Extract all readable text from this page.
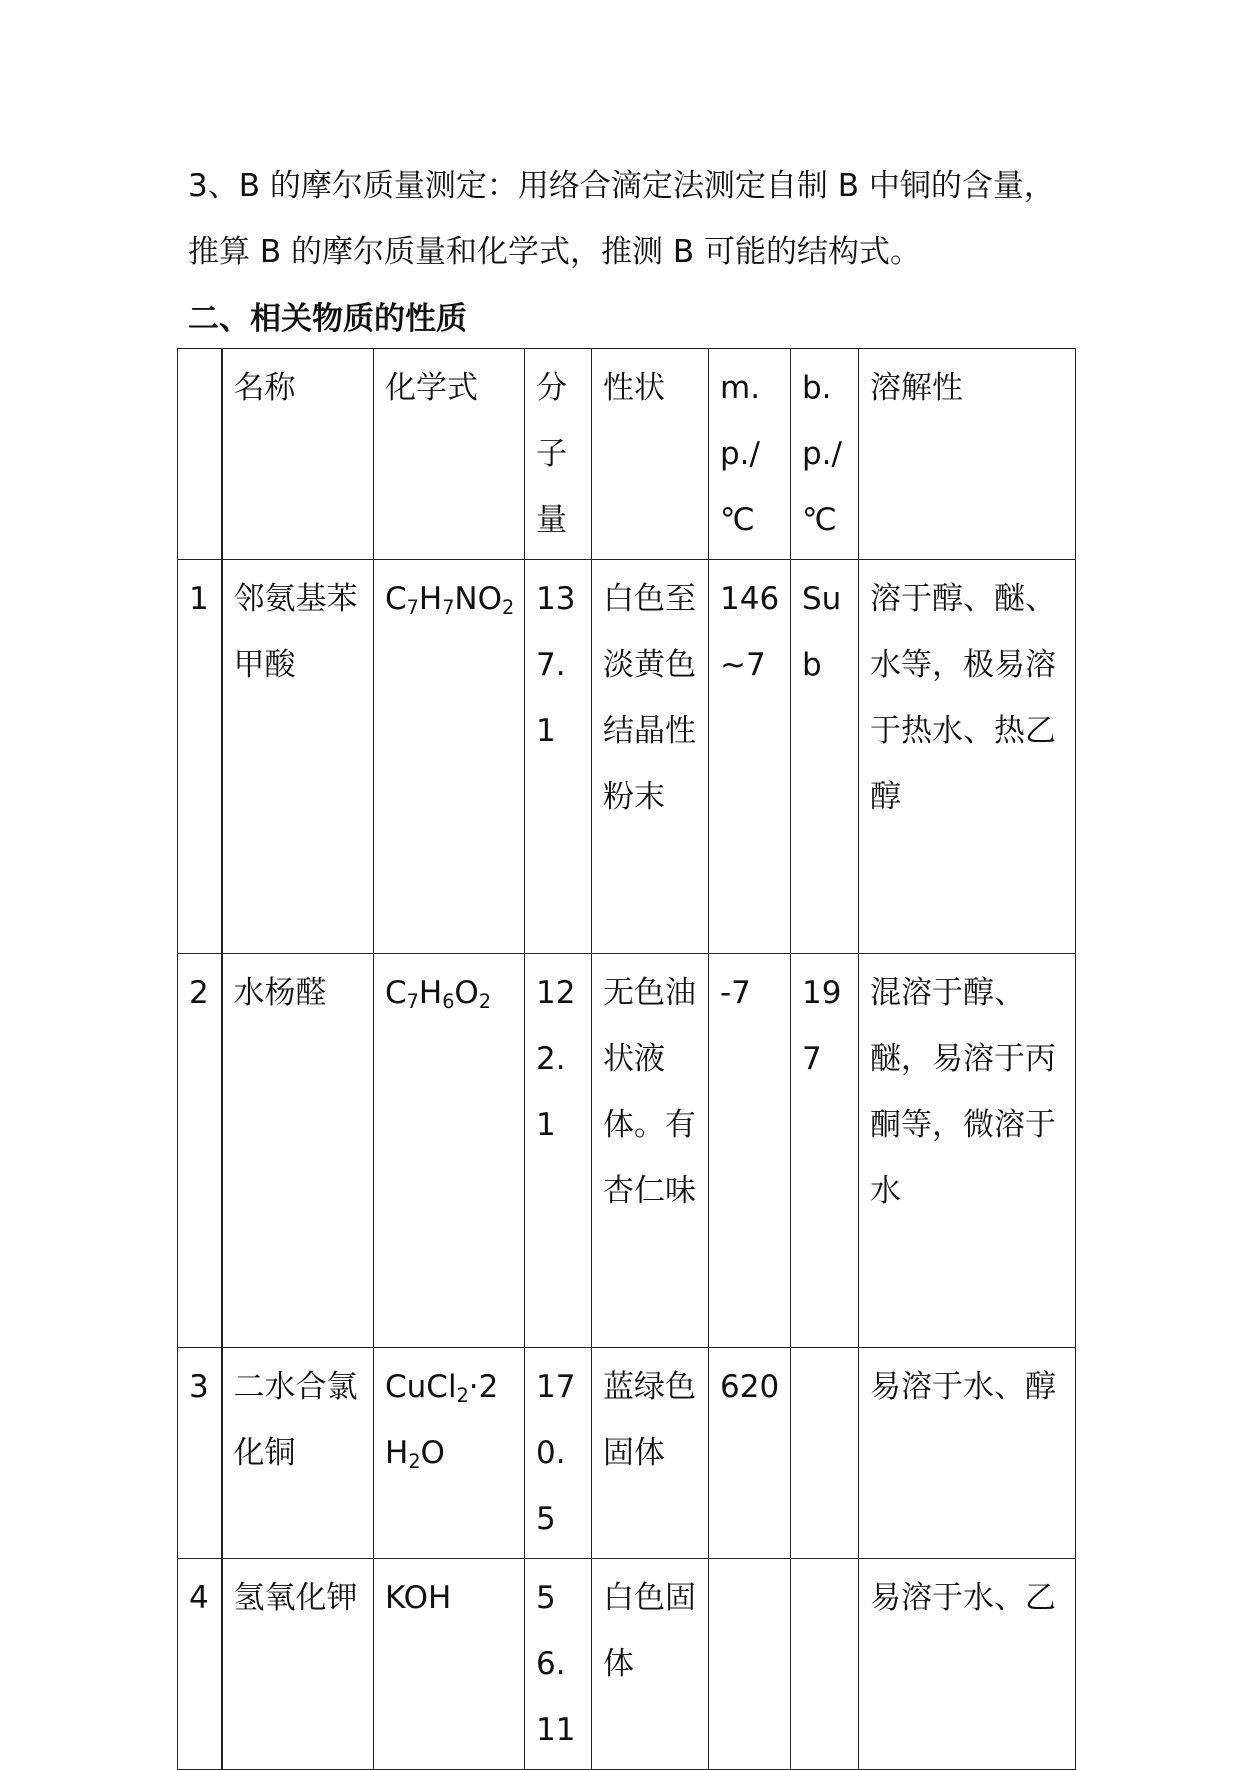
3、B 的摩尔质量测定：用络合滴定法测定自制 B 中铜的含量，推算 B 的摩尔质量和化学式，推测 B 可能的结构式。

二、相关物质的性质
	名称	化学式	分子量	性状	m.p./℃	b.p./℃	溶解性
1	邻氨基苯甲酸	$C_7H_7NO_2$	137.1	白色至淡黄色结晶性粉末	146~7	Sub	溶于醇、醚、水等，极易溶于热水、热乙醇
2	水杨醛	$C_7H_6O_2$	122.1	无色油状液体。有杏仁味	-7	197	混溶于醇、醚，易溶于丙酮等，微溶于水
3	二水合氯化铜	$CuCl_2\cdot 2H_2O$	170.5	蓝绿色固体	620		易溶于水、醇
4	氢氧化钾	KOH	56.11	白色固体			易溶于水、乙
